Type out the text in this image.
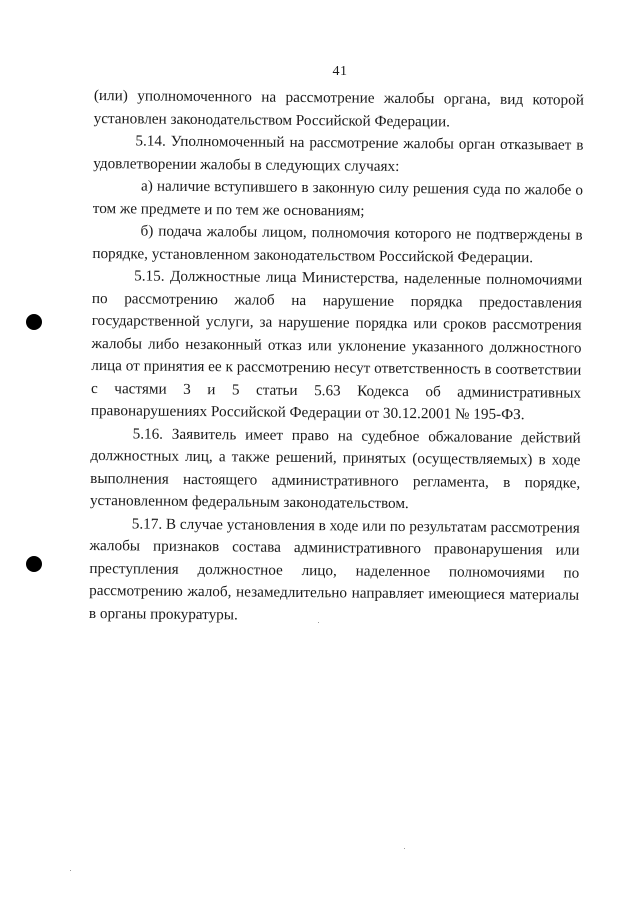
41

(или) уполномоченного на рассмотрение жалобы органа, вид которой установлен законодательством Российской Федерации.

5.14. Уполномоченный на рассмотрение жалобы орган отказывает в удовлетворении жалобы в следующих случаях:

а) наличие вступившего в законную силу решения суда по жалобе о том же предмете и по тем же основаниям;

б) подача жалобы лицом, полномочия которого не подтверждены в порядке, установленном законодательством Российской Федерации.

5.15. Должностные лица Министерства, наделенные полномочиями по рассмотрению жалоб на нарушение порядка предоставления государственной услуги, за нарушение порядка или сроков рассмотрения жалобы либо незаконный отказ или уклонение указанного должностного лица от принятия ее к рассмотрению несут ответственность в соответствии с частями 3 и 5 статьи 5.63 Кодекса об административных правонарушениях Российской Федерации от 30.12.2001 № 195-ФЗ.

5.16. Заявитель имеет право на судебное обжалование действий должностных лиц, а также решений, принятых (осуществляемых) в ходе выполнения настоящего административного регламента, в порядке, установленном федеральным законодательством.

5.17. В случае установления в ходе или по результатам рассмотрения жалобы признаков состава административного правонарушения или преступления должностное лицо, наделенное полномочиями по рассмотрению жалоб, незамедлительно направляет имеющиеся материалы в органы прокуратуры.
